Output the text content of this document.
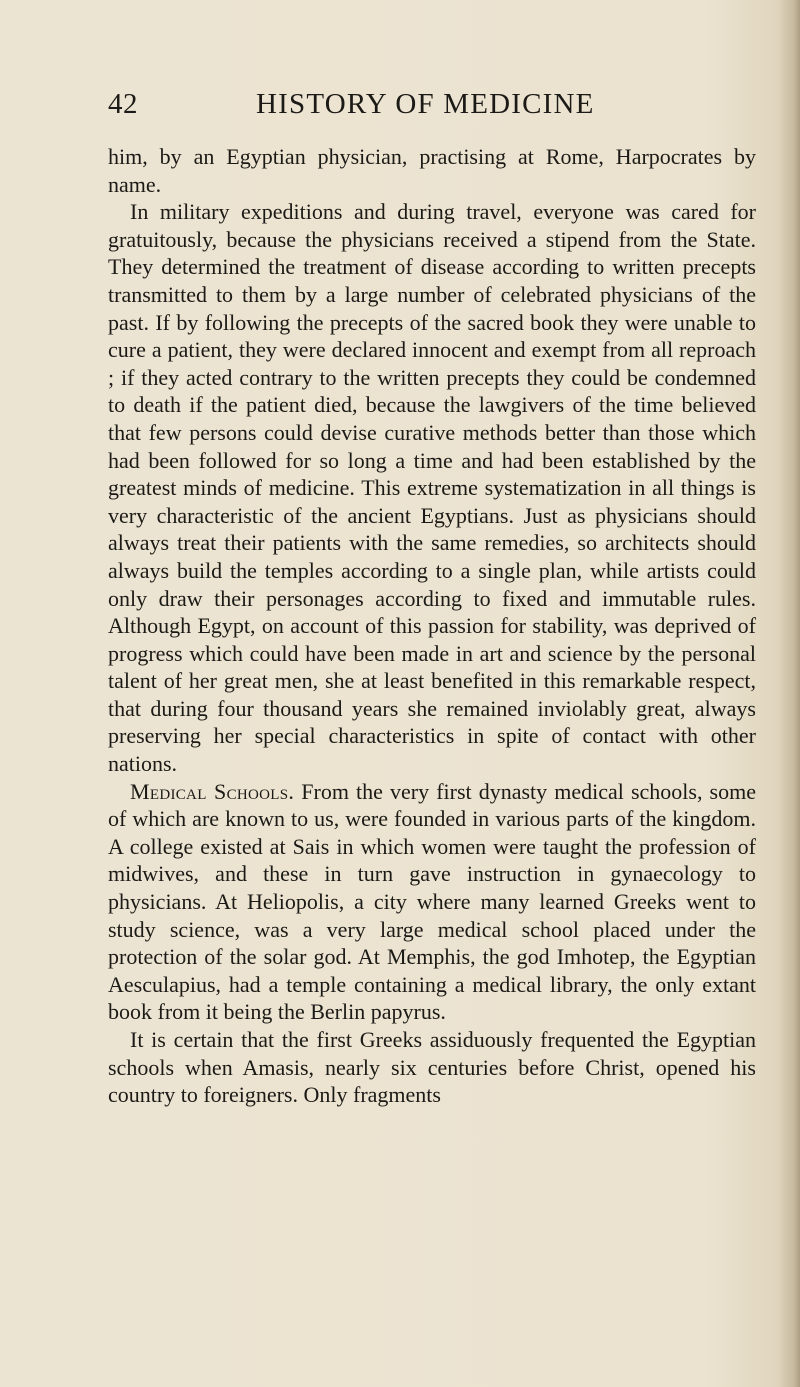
42	HISTORY OF MEDICINE

him, by an Egyptian physician, practising at Rome, Harpocrates by name.

In military expeditions and during travel, everyone was cared for gratuitously, because the physicians received a stipend from the State. They determined the treatment of disease according to written precepts transmitted to them by a large number of celebrated physicians of the past. If by following the precepts of the sacred book they were unable to cure a patient, they were declared innocent and exempt from all reproach ; if they acted contrary to the written precepts they could be condemned to death if the patient died, because the lawgivers of the time believed that few persons could devise curative methods better than those which had been followed for so long a time and had been established by the greatest minds of medicine. This extreme systematization in all things is very characteristic of the ancient Egyptians. Just as physicians should always treat their patients with the same remedies, so architects should always build the temples according to a single plan, while artists could only draw their personages according to fixed and immutable rules. Although Egypt, on account of this passion for stability, was deprived of progress which could have been made in art and science by the personal talent of her great men, she at least benefited in this remarkable respect, that during four thousand years she remained inviolably great, always preserving her special characteristics in spite of contact with other nations.

Medical Schools. From the very first dynasty medical schools, some of which are known to us, were founded in various parts of the kingdom. A college existed at Sais in which women were taught the profession of midwives, and these in turn gave instruction in gynaecology to physicians. At Heliopolis, a city where many learned Greeks went to study science, was a very large medical school placed under the protection of the solar god. At Memphis, the god Imhotep, the Egyptian Aesculapius, had a temple containing a medical library, the only extant book from it being the Berlin papyrus.

It is certain that the first Greeks assiduously frequented the Egyptian schools when Amasis, nearly six centuries before Christ, opened his country to foreigners. Only fragments
